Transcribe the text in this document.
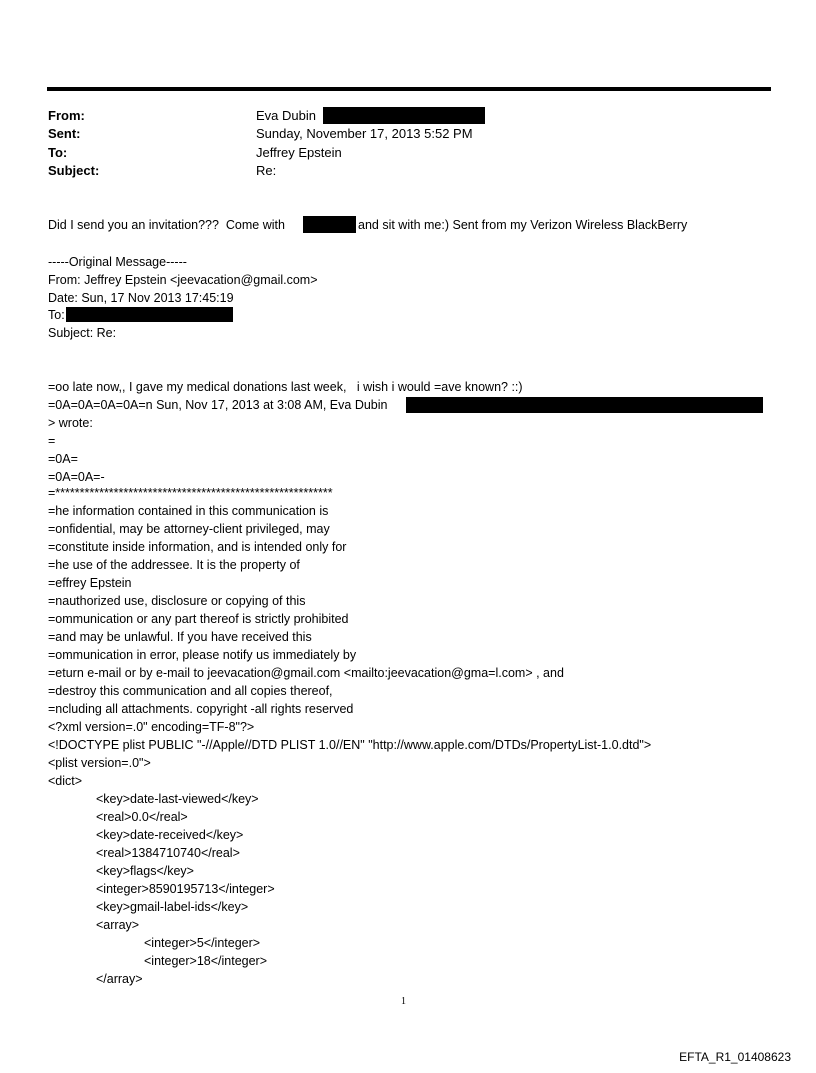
From:	Eva Dubin
Sent:	Sunday, November 17, 2013 5:52 PM
To:	Jeffrey Epstein
Subject:	Re:
Did I send you an invitation???  Come with	and sit with me:) Sent from my Verizon Wireless BlackBerry
-----Original Message-----
From: Jeffrey Epstein <jeevacation@gmail.com>
Date: Sun, 17 Nov 2013 17:45:19
To:
Subject: Re:
=oo late now,, I gave my medical donations last week,   i wish i would =ave known? ::)
=0A=0A=0A=0A=n Sun, Nov 17, 2013 at 3:08 AM, Eva Dubin
> wrote:
=
=0A=
=0A=0A=-
=*********************************************************
=he information contained in this communication is
=onfidential, may be attorney-client privileged, may
=constitute inside information, and is intended only for
=he use of the addressee. It is the property of
=effrey Epstein
=nauthorized use, disclosure or copying of this
=ommunication or any part thereof is strictly prohibited
=and may be unlawful. If you have received this
=ommunication in error, please notify us immediately by
=eturn e-mail or by e-mail to jeevacation@gmail.com <mailto:jeevacation@gma=l.com> , and
=destroy this communication and all copies thereof,
=ncluding all attachments. copyright -all rights reserved
<?xml version=.0" encoding=TF-8"?>
<!DOCTYPE plist PUBLIC "-//Apple//DTD PLIST 1.0//EN" "http://www.apple.com/DTDs/PropertyList-1.0.dtd">
<plist version=.0">
<dict>
<key>date-last-viewed</key>
<real>0.0</real>
<key>date-received</key>
<real>1384710740</real>
<key>flags</key>
<integer>8590195713</integer>
<key>gmail-label-ids</key>
<array>
<integer>5</integer>
<integer>18</integer>
</array>
1
EFTA_R1_01408623
